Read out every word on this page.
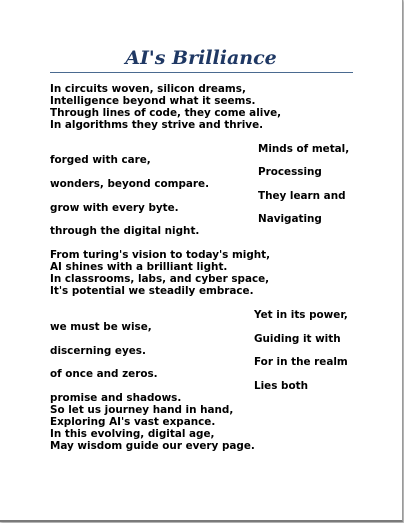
AI's Brilliance

In circuits woven, silicon dreams,

Intelligence beyond what it seems.

Through lines of code, they come alive,

In algorithms they strive and thrive.

Minds of metal,

forged with care,

Processing

wonders, beyond compare.

They learn and

grow with every byte.

Navigating

through the digital night.

From turing's vision to today's might,

AI shines with a brilliant light.

In classrooms, labs, and cyber space,

It's potential we steadily embrace.

Yet in its power,

we must be wise,

Guiding it with

discerning eyes.

For in the realm

of once and zeros.

Lies both

promise and shadows.

So let us journey hand in hand,

Exploring AI's vast expance.

In this evolving, digital age,

May wisdom guide our every page.
